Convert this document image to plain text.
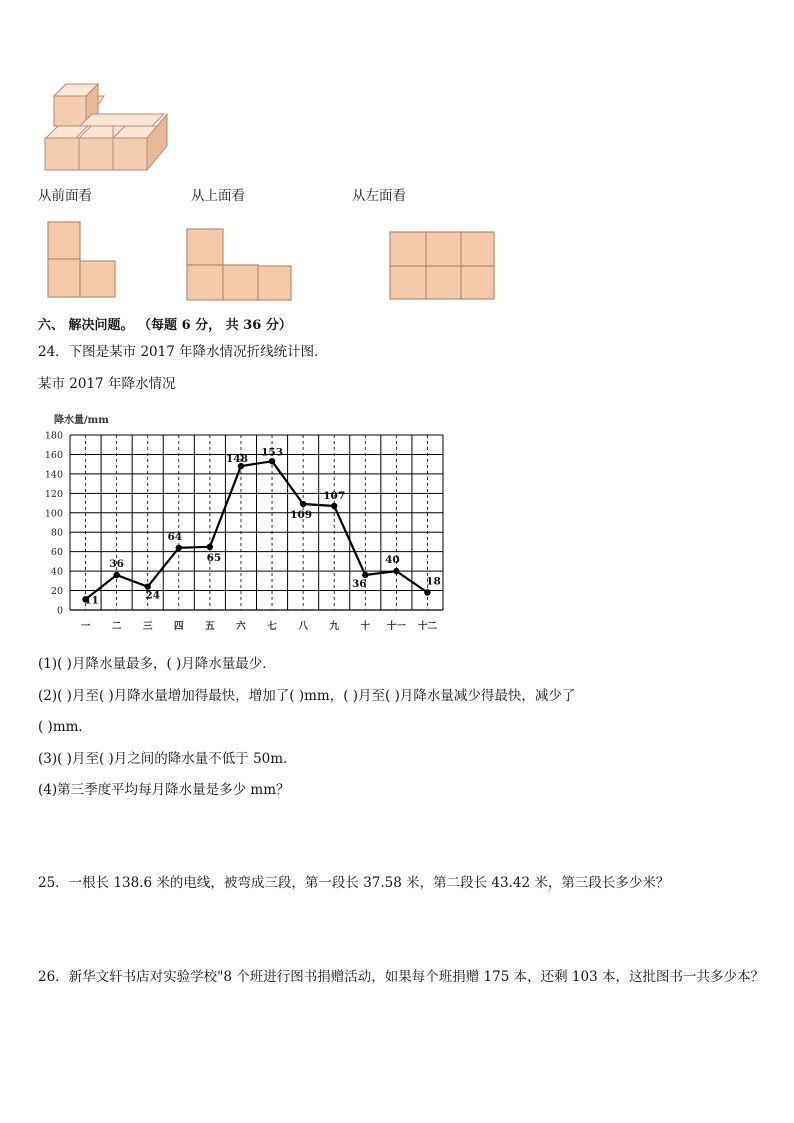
从前面看	从上面看	从左面看
六、 解决问题。 （每题 6 分， 共 36 分）
24．下图是某市 2017 年降水情况折线统计图．
某市 2017 年降水情况
降水量/mm
0
20
40
60
80
100
120
140
160
180
一 二 三 四 五 六 七 八 九 十 十一 十二
11
36
24
64
65
148
153
109
107
36
40
18
(1)( )月降水量最多，( )月降水量最少．
(2)( )月至( )月降水量增加得最快，增加了( )mm，( )月至( )月降水量减少得最快，减少了
( )mm．
(3)( )月至( )月之间的降水量不低于 50m．
(4)第三季度平均每月降水量是多少 mm？
25．一根长 138.6 米的电线，被弯成三段，第一段长 37.58 米，第二段长 43.42 米，第三段长多少米？
26．新华文轩书店对实验学校"8 个班进行图书捐赠活动，如果每个班捐赠 175 本，还剩 103 本，这批图书一共多少本？
